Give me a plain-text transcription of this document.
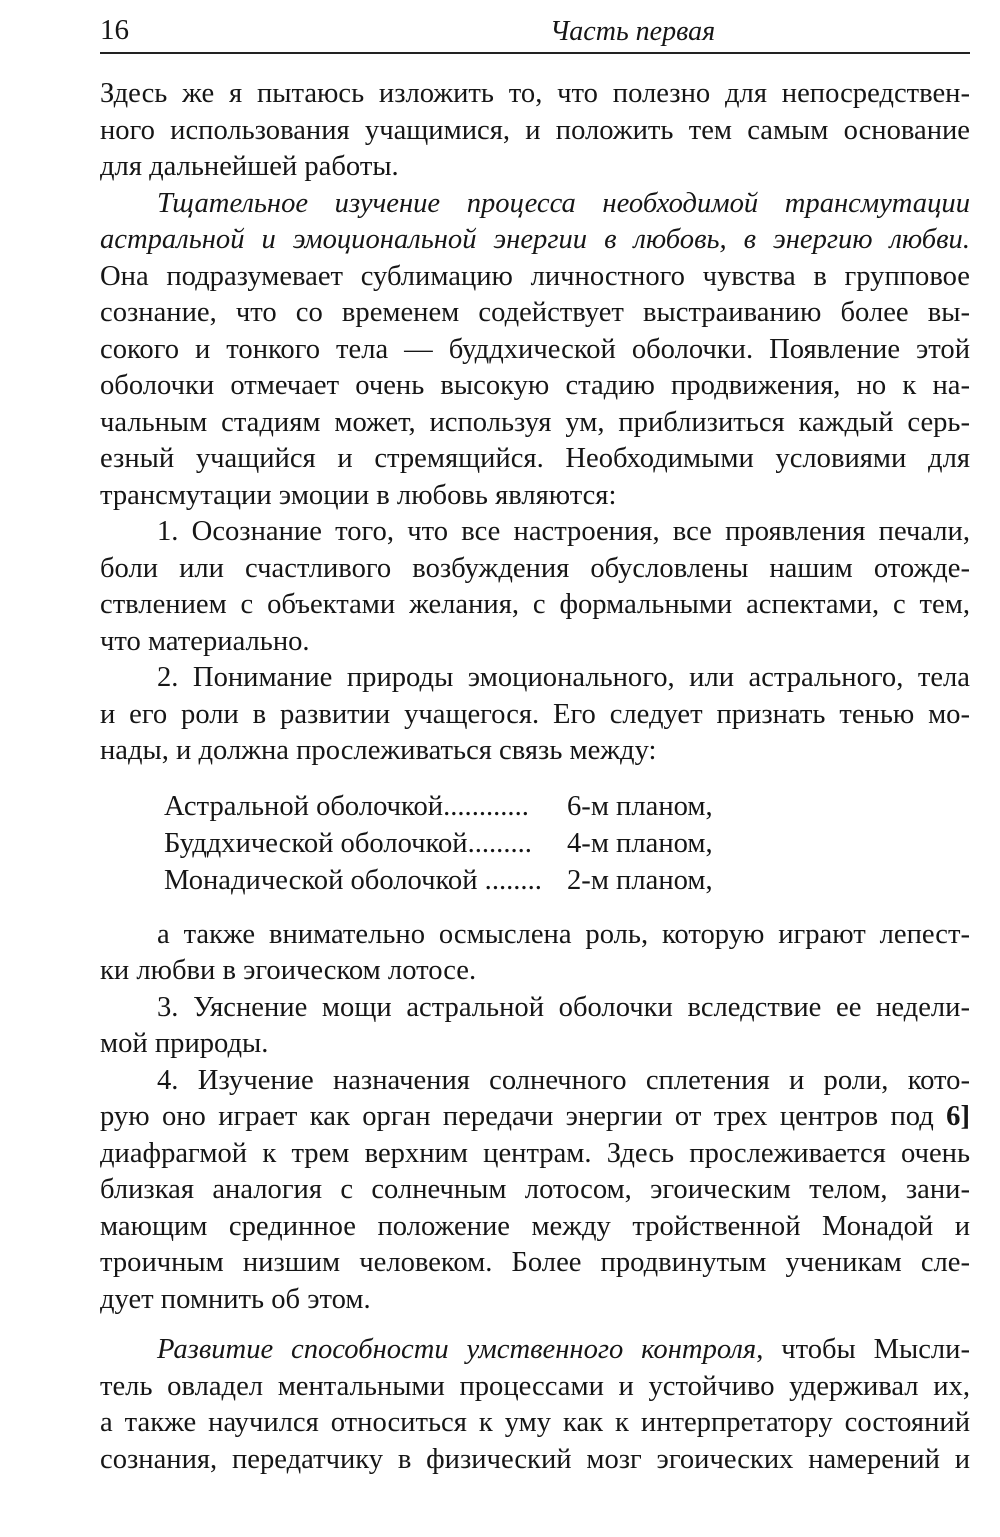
16	Часть первая
Здесь же я пытаюсь изложить то, что полезно для непосредствен-
ного использования учащимися, и положить тем самым основание
для дальнейшей работы.
Тщательное изучение процесса необходимой трансмутации
астральной и эмоциональной энергии в любовь, в энергию любви.
Она подразумевает сублимацию личностного чувства в групповое
сознание, что со временем содействует выстраиванию более вы-
сокого и тонкого тела — буддхической оболочки. Появление этой
оболочки отмечает очень высокую стадию продвижения, но к на-
чальным стадиям может, используя ум, приблизиться каждый серь-
езный учащийся и стремящийся. Необходимыми условиями для
трансмутации эмоции в любовь являются:
1. Осознание того, что все настроения, все проявления печали,
боли или счастливого возбуждения обусловлены нашим отожде-
ствлением с объектами желания, с формальными аспектами, с тем,
что материально.
2. Понимание природы эмоционального, или астрального, тела
и его роли в развитии учащегося. Его следует признать тенью мо-
нады, и должна прослеживаться связь между:
Астральной оболочкой............ 6-м планом,
Буддхической оболочкой......... 4-м планом,
Монадической оболочкой ........ 2-м планом,
а также внимательно осмыслена роль, которую играют лепест-
ки любви в эгоическом лотосе.
3. Уяснение мощи астральной оболочки вследствие ее недели-
мой природы.
4. Изучение назначения солнечного сплетения и роли, кото-
рую оно играет как орган передачи энергии от трех центров под 6]
диафрагмой к трем верхним центрам. Здесь прослеживается очень
близкая аналогия с солнечным лотосом, эгоическим телом, зани-
мающим срединное положение между тройственной Монадой и
троичным низшим человеком. Более продвинутым ученикам сле-
дует помнить об этом.
Развитие способности умственного контроля, чтобы Мысли-
тель овладел ментальными процессами и устойчиво удерживал их,
а также научился относиться к уму как к интерпретатору состояний
сознания, передатчику в физический мозг эгоических намерений и
